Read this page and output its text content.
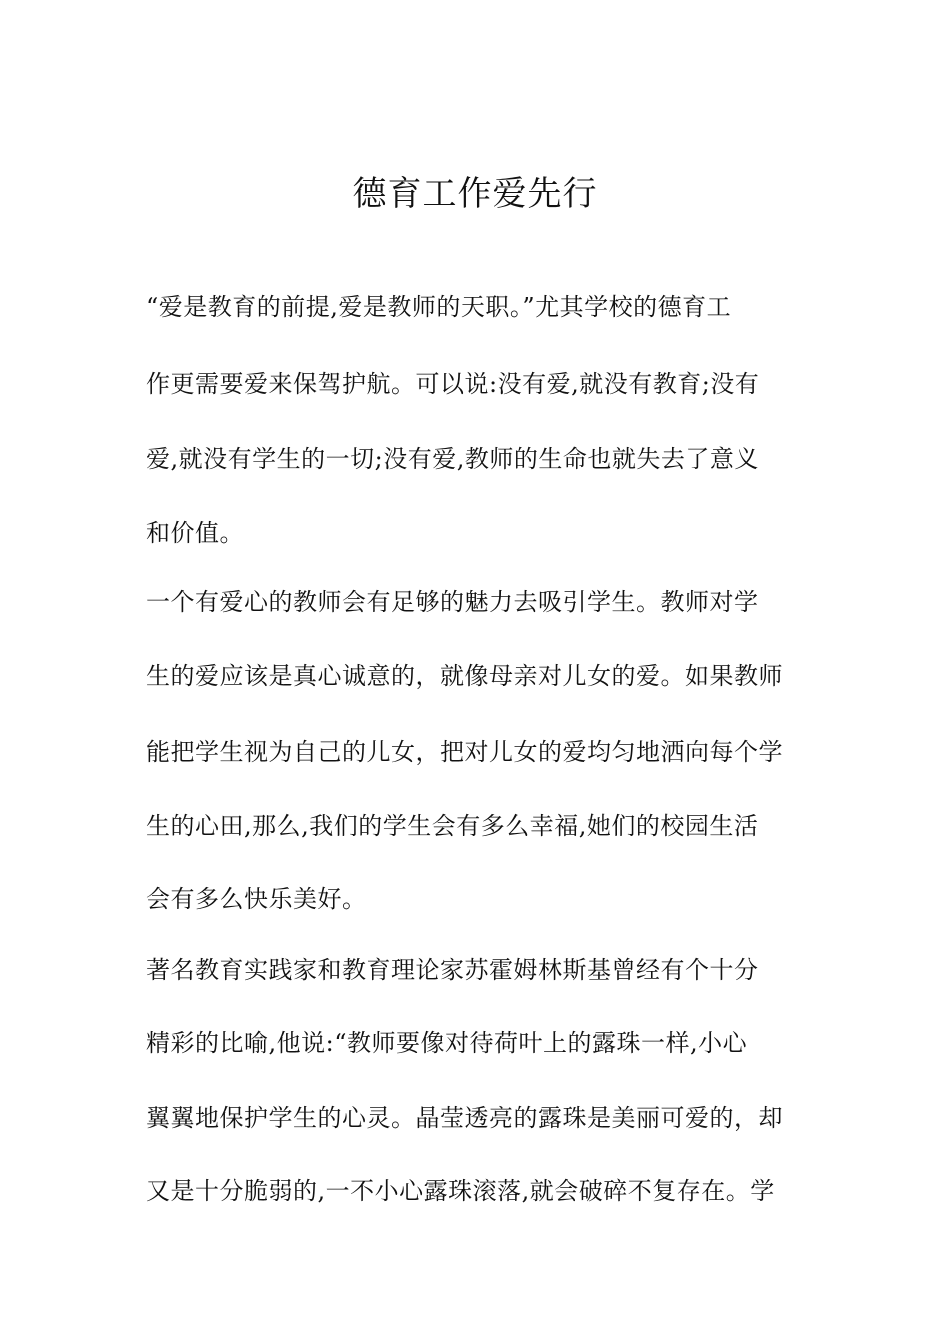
德育工作爱先行

“爱是教育的前提,爱是教师的天职。”尤其学校的德育工

作更需要爱来保驾护航。可以说:没有爱,就没有教育;没有

爱,就没有学生的一切;没有爱,教师的生命也就失去了意义

和价值。

一个有爱心的教师会有足够的魅力去吸引学生。教师对学

生的爱应该是真心诚意的，就像母亲对儿女的爱。如果教师

能把学生视为自己的儿女，把对儿女的爱均匀地洒向每个学

生的心田,那么,我们的学生会有多么幸福,她们的校园生活

会有多么快乐美好。

著名教育实践家和教育理论家苏霍姆林斯基曾经有个十分

精彩的比喻,他说:“教师要像对待荷叶上的露珠一样,小心

翼翼地保护学生的心灵。晶莹透亮的露珠是美丽可爱的，却

又是十分脆弱的,一不小心露珠滚落,就会破碎不复存在。学
